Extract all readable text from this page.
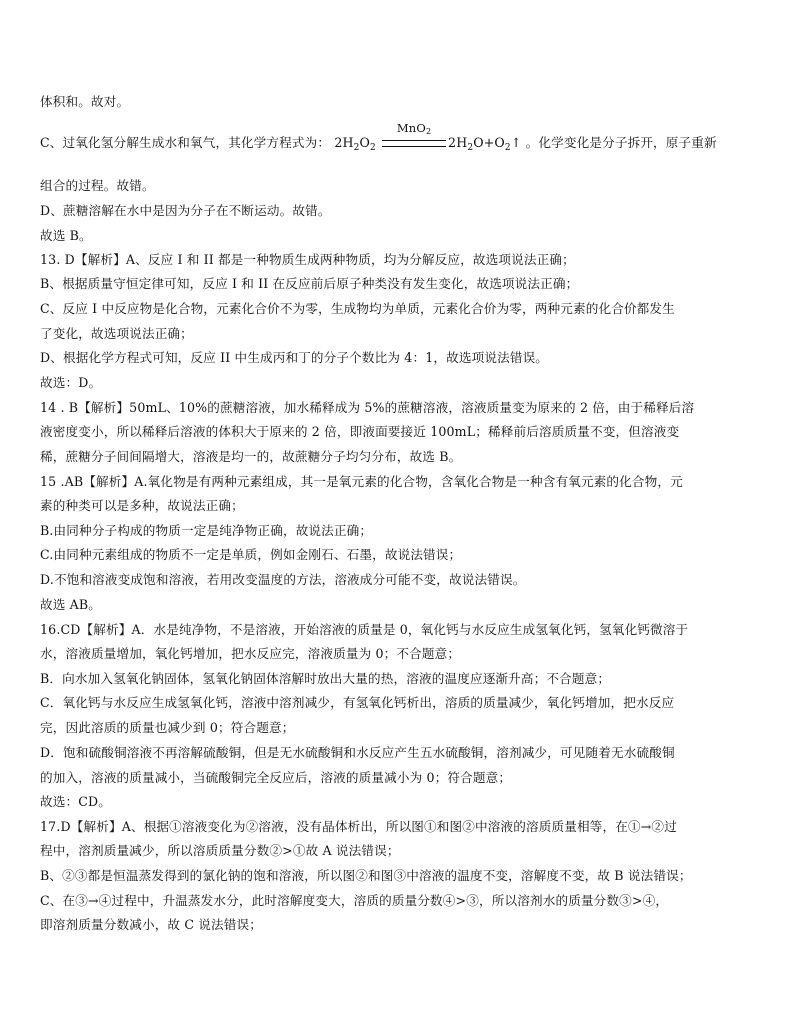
体积和。故对。
C、过氧化氢分解生成水和氧气，其化学方程式为： $2H_2O_2$
MnO$_2$
$2H_2O+O_2↑$ 。化学变化是分子拆开，原子重新
组合的过程。故错。
D、蔗糖溶解在水中是因为分子在不断运动。故错。
故选 B。
13. D【解析】A、反应 I 和 II 都是一种物质生成两种物质，均为分解反应，故选项说法正确；
B、根据质量守恒定律可知，反应 I 和 II 在反应前后原子种类没有发生变化，故选项说法正确；
C、反应 I 中反应物是化合物，元素化合价不为零，生成物均为单质，元素化合价为零，两种元素的化合价都发生
了变化，故选项说法正确；
D、根据化学方程式可知，反应 II 中生成丙和丁的分子个数比为 4：1，故选项说法错误。
故选：D。
14 . B【解析】50mL、10%的蔗糖溶液，加水稀释成为 5%的蔗糖溶液，溶液质量变为原来的 2 倍，由于稀释后溶
液密度变小，所以稀释后溶液的体积大于原来的 2 倍，即液面要接近 100mL；稀释前后溶质质量不变，但溶液变
稀，蔗糖分子间间隔增大，溶液是均一的，故蔗糖分子均匀分布，故选 B。
15 .AB【解析】A.氧化物是有两种元素组成，其一是氧元素的化合物，含氧化合物是一种含有氧元素的化合物，元
素的种类可以是多种，故说法正确；
B.由同种分子构成的物质一定是纯净物正确，故说法正确；
C.由同种元素组成的物质不一定是单质，例如金刚石、石墨，故说法错误；
D.不饱和溶液变成饱和溶液，若用改变温度的方法，溶液成分可能不变，故说法错误。
故选 AB。
16.CD【解析】A．水是纯净物，不是溶液，开始溶液的质量是 0，氧化钙与水反应生成氢氧化钙，氢氧化钙微溶于
水，溶液质量增加，氧化钙增加，把水反应完，溶液质量为 0；不合题意；
B．向水加入氢氧化钠固体，氢氧化钠固体溶解时放出大量的热，溶液的温度应逐渐升高；不合题意；
C．氧化钙与水反应生成氢氧化钙，溶液中溶剂减少，有氢氧化钙析出，溶质的质量减少，氧化钙增加，把水反应
完，因此溶质的质量也减少到 0；符合题意；
D．饱和硫酸铜溶液不再溶解硫酸铜，但是无水硫酸铜和水反应产生五水硫酸铜，溶剂减少，可见随着无水硫酸铜
的加入，溶液的质量减小，当硫酸铜完全反应后，溶液的质量减小为 0；符合题意；
故选：CD。
17.D【解析】A、根据①溶液变化为②溶液，没有晶体析出，所以图①和图②中溶液的溶质质量相等，在①→②过
程中，溶剂质量减少，所以溶质质量分数②>①故 A 说法错误；
B、②③都是恒温蒸发得到的氯化钠的饱和溶液，所以图②和图③中溶液的温度不变，溶解度不变，故 B 说法错误；
C、在③→④过程中，升温蒸发水分，此时溶解度变大，溶质的质量分数④>③，所以溶剂水的质量分数③>④，
即溶剂质量分数减小，故 C 说法错误；
